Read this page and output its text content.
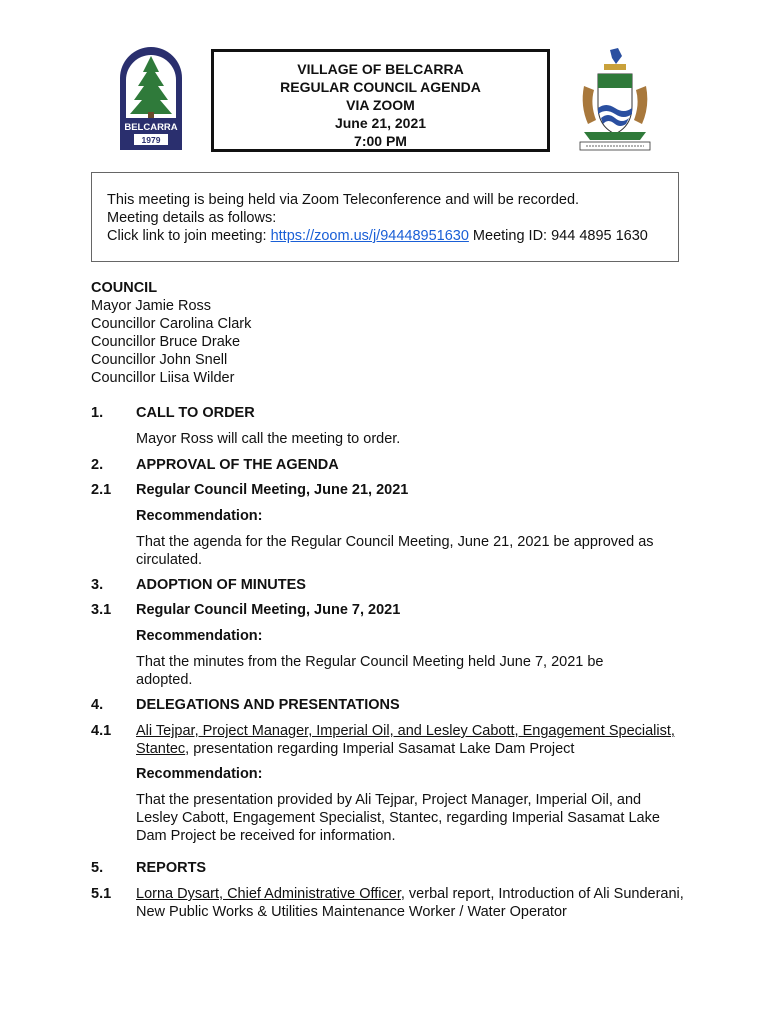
BELCARRA
1979
VILLAGE OF BELCARRA
REGULAR COUNCIL AGENDA
VIA ZOOM
June 21, 2021
7:00 PM
This meeting is being held via Zoom Teleconference and will be recorded.
Meeting details as follows:
Click link to join meeting: https://zoom.us/j/94448951630 Meeting ID: 944 4895 1630
COUNCIL
Mayor Jamie Ross
Councillor Carolina Clark
Councillor Bruce Drake
Councillor John Snell
Councillor Liisa Wilder
1. CALL TO ORDER
Mayor Ross will call the meeting to order.
2. APPROVAL OF THE AGENDA
2.1 Regular Council Meeting, June 21, 2021
Recommendation:
That the agenda for the Regular Council Meeting, June 21, 2021 be approved as
circulated.
3. ADOPTION OF MINUTES
3.1 Regular Council Meeting, June 7, 2021
Recommendation:
That the minutes from the Regular Council Meeting held June 7, 2021 be
adopted.
4. DELEGATIONS AND PRESENTATIONS
4.1 Ali Tejpar, Project Manager, Imperial Oil, and Lesley Cabott, Engagement Specialist,
Stantec, presentation regarding Imperial Sasamat Lake Dam Project
Recommendation:
That the presentation provided by Ali Tejpar, Project Manager, Imperial Oil, and
Lesley Cabott, Engagement Specialist, Stantec, regarding Imperial Sasamat Lake
Dam Project be received for information.
5. REPORTS
5.1 Lorna Dysart, Chief Administrative Officer, verbal report, Introduction of Ali Sunderani,
New Public Works & Utilities Maintenance Worker / Water Operator
